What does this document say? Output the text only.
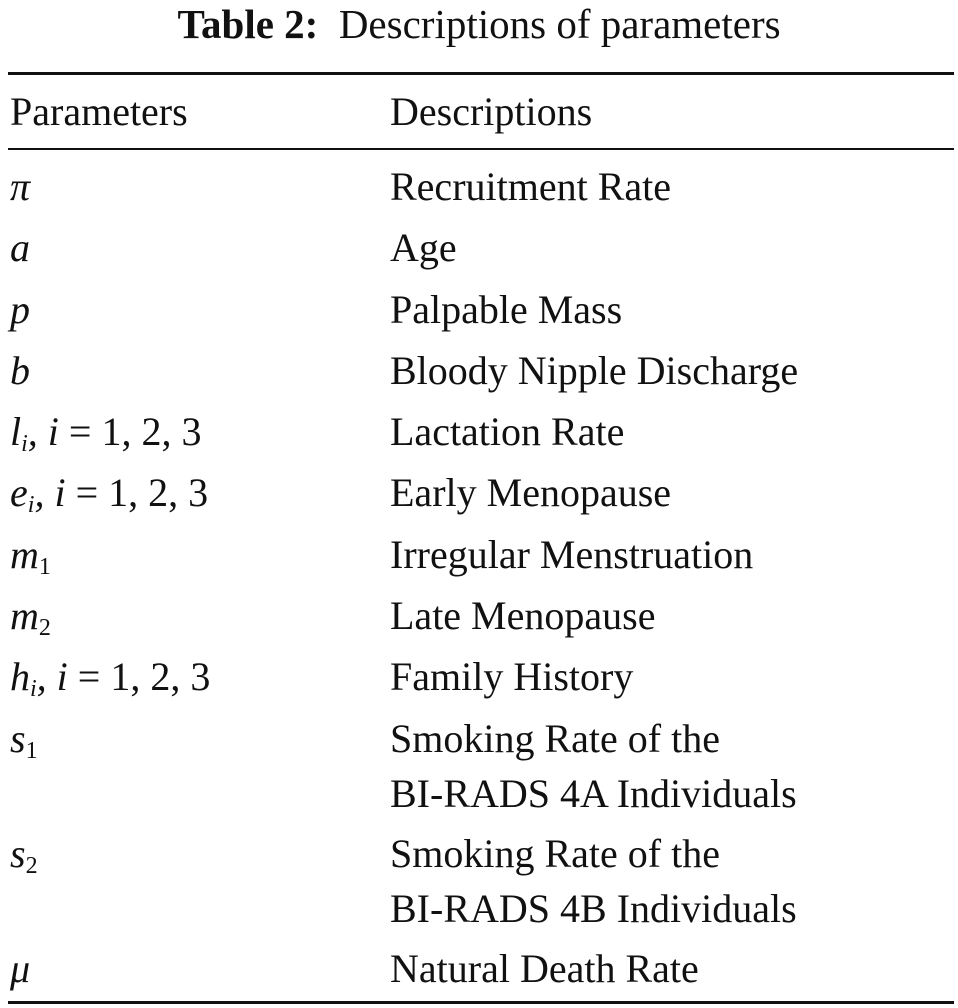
Table 2: Descriptions of parameters
Parameters	Descriptions
π	Recruitment Rate
a	Age
p	Palpable Mass
b	Bloody Nipple Discharge
$l_i$, i = 1, 2, 3	Lactation Rate
$e_i$, i = 1, 2, 3	Early Menopause
$m_1$	Irregular Menstruation
$m_2$	Late Menopause
$h_i$, i = 1, 2, 3	Family History
$s_1$	Smoking Rate of the
BI-RADS 4A Individuals
$s_2$	Smoking Rate of the
BI-RADS 4B Individuals
μ	Natural Death Rate
